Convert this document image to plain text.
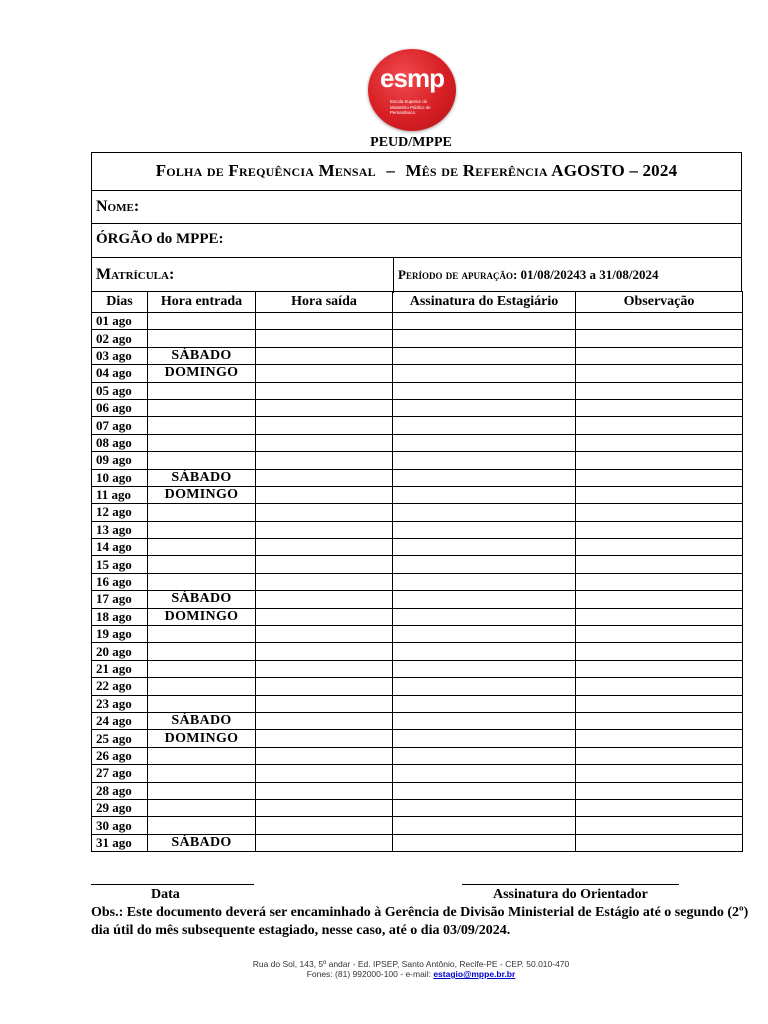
esmp
Escola Superior do Ministério Público de Pernambuco
PEUD/MPPE
Folha de Frequência Mensal – Mês de Referência AGOSTO – 2024
Nome:
ÓRGÃO do MPPE:
Matrícula:	Período de apuração: 01/08/20243 a 31/08/2024
Dias	Hora entrada	Hora saída	Assinatura do Estagiário	Observação
01 ago				
02 ago				
03 ago	SÁBADO			
04 ago	DOMINGO			
05 ago				
06 ago				
07 ago				
08 ago				
09 ago				
10 ago	SÁBADO			
11 ago	DOMINGO			
12 ago				
13 ago				
14 ago				
15 ago				
16 ago				
17 ago	SÁBADO			
18 ago	DOMINGO			
19 ago				
20 ago				
21 ago				
22 ago				
23 ago				
24 ago	SÁBADO			
25 ago	DOMINGO			
26 ago				
27 ago				
28 ago				
29 ago				
30 ago				
31 ago	SÁBADO			
Data	Assinatura do Orientador
Obs.: Este documento deverá ser encaminhado à Gerência de Divisão Ministerial de Estágio até o segundo (2º) dia útil do mês subsequente estagiado, nesse caso, até o dia 03/09/2024.
Rua do Sol, 143, 5º andar - Ed. IPSEP, Santo Antônio, Recife-PE - CEP. 50.010-470
Fones: (81) 992000-100 - e-mail: estagio@mppe.br.br
